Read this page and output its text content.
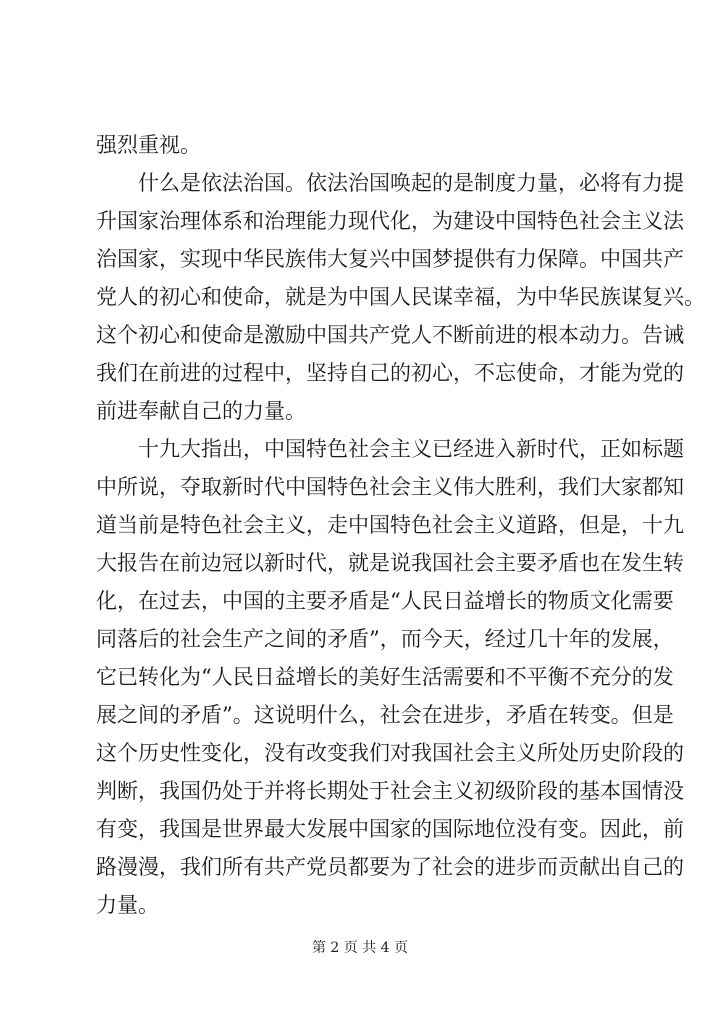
强烈重视。
什么是依法治国。依法治国唤起的是制度力量，必将有力提
升国家治理体系和治理能力现代化，为建设中国特色社会主义法
治国家，实现中华民族伟大复兴中国梦提供有力保障。中国共产
党人的初心和使命，就是为中国人民谋幸福，为中华民族谋复兴。
这个初心和使命是激励中国共产党人不断前进的根本动力。告诫
我们在前进的过程中，坚持自己的初心，不忘使命，才能为党的
前进奉献自己的力量。
十九大指出，中国特色社会主义已经进入新时代，正如标题
中所说，夺取新时代中国特色社会主义伟大胜利，我们大家都知
道当前是特色社会主义，走中国特色社会主义道路，但是，十九
大报告在前边冠以新时代，就是说我国社会主要矛盾也在发生转
化，在过去，中国的主要矛盾是“人民日益增长的物质文化需要
同落后的社会生产之间的矛盾”，而今天，经过几十年的发展，
它已转化为“人民日益增长的美好生活需要和不平衡不充分的发
展之间的矛盾”。这说明什么，社会在进步，矛盾在转变。但是
这个历史性变化，没有改变我们对我国社会主义所处历史阶段的
判断，我国仍处于并将长期处于社会主义初级阶段的基本国情没
有变，我国是世界最大发展中国家的国际地位没有变。因此，前
路漫漫，我们所有共产党员都要为了社会的进步而贡献出自己的
力量。
第 2 页 共 4 页
